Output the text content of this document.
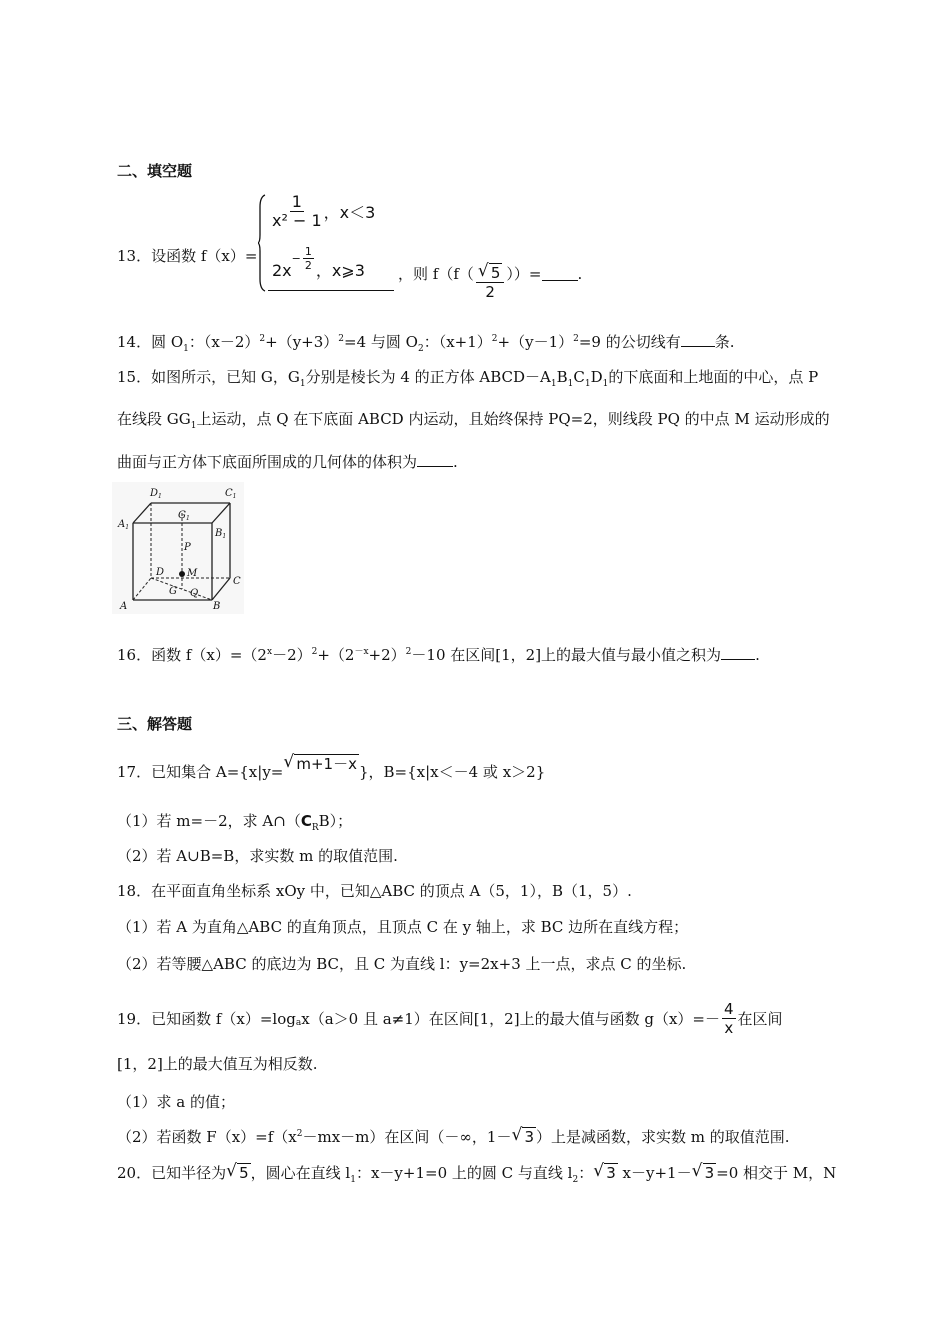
二、填空题
13．设函数 f（x）=
$\frac{1}{\text{x² − 1}}$ ，x＜3
2x
− $\frac{1}{2}$ ，x⩾3 ，则 $f(f( \frac{√ 5}{2}$ ））= .
14．圆 $O_1$：$(x-2)^2+(y+3)^2=4$ 与圆 $O_2$：$(x+1)^2+(y-1)^2=9$ 的公切线有 条.
15．如图所示，已知 G，$G_1$分别是棱长为 4 的正方体 $ABCD-A_1B_1C_1D_1$的下底面和上地面的中心，点 P
在线段 $GG_1$上运动，点 Q 在下底面 ABCD 内运动，且始终保持 PQ=2，则线段 PQ 的中点 M 运动形成的
曲面与正方体下底面所围成的几何体的体积为 .
$D_1$	$C_1$
$A_1$
$B_1$
$G_1$
P
D M
C
G Q
A	B
16．函数 $f(x)=(2^x-2)^2+(2^{-x}+2)^2-10$ 在区间[1，2]上的最大值与最小值之积为 .
三、解答题
17．已知集合 A={x|y= √ m+1－x }，B={x|x＜－4 或 x＞2}
（1）若 m=－2，求 $A\cap(C_RB)$；
（2）若 A∪B=B，求实数 m 的取值范围.
18．在平面直角坐标系 xOy 中，已知△ABC 的顶点 A（5，1），B（1，5）.
（1）若 A 为直角△ABC 的直角顶点，且顶点 C 在 y 轴上，求 BC 边所在直线方程；
（2）若等腰△ABC 的底边为 BC，且 C 为直线 l：y=2x+3 上一点，求点 C 的坐标.
19．已知函数 $f(x)=\log_a$ x（a＞0 且 a≠1）在区间[1，2]上的最大值与函数 $g(x)=- \frac{4}{x}$ 在区间
[1，2]上的最大值互为相反数.
（1）求 a 的值；
（2）若函数 $F(x)=f(x^2-mx-m)$在区间（－∞，1－ √ 3 ）上是减函数，求实数 m 的取值范围.
20．已知半径为 √ 5 ，圆心在直线 $l_1$：x－y+1=0 上的圆 C 与直线 $l_2$： √ 3 x－y+1－ √ 3 =0 相交于 M，N
